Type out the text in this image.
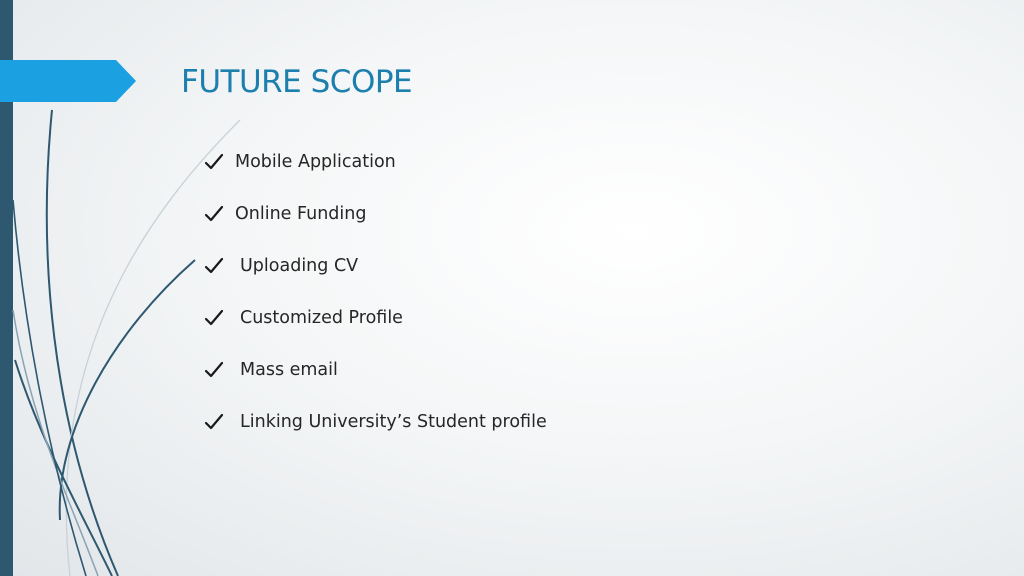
FUTURE SCOPE
Mobile Application
Online Funding
Uploading CV
Customized Profile
Mass email
Linking University’s Student profile
